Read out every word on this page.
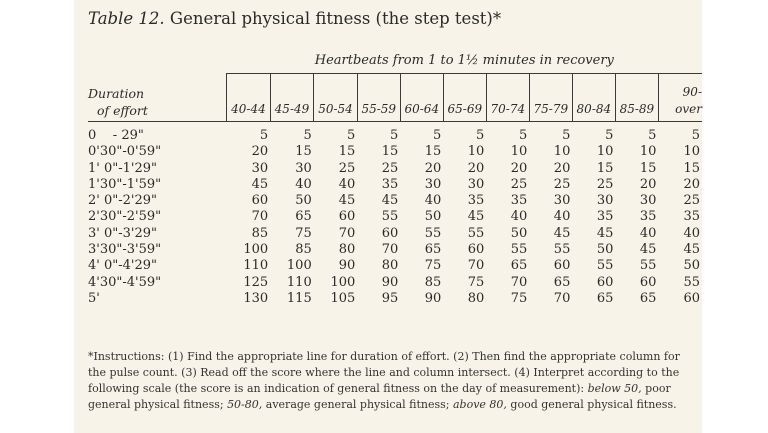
Table 12. General physical fitness (the step test)*
Duration
of effort	Heartbeats from 1 to 1½ minutes in recovery										
	40-44	45-49	50-54	55-59	60-64	65-69	70-74	75-79	80-84	85-89	90-
over
0    - 29"	5	5	5	5	5	5	5	5	5	5	5
0'30"-0'59"	20	15	15	15	15	10	10	10	10	10	10
1' 0"-1'29"	30	30	25	25	20	20	20	20	15	15	15
1'30"-1'59"	45	40	40	35	30	30	25	25	25	20	20
2' 0"-2'29"	60	50	45	45	40	35	35	30	30	30	25
2'30"-2'59"	70	65	60	55	50	45	40	40	35	35	35
3' 0"-3'29"	85	75	70	60	55	55	50	45	45	40	40
3'30"-3'59"	100	85	80	70	65	60	55	55	50	45	45
4' 0"-4'29"	110	100	90	80	75	70	65	60	55	55	50
4'30"-4'59"	125	110	100	90	85	75	70	65	60	60	55
5'	130	115	105	95	90	80	75	70	65	65	60
*Instructions: (1) Find the appropriate line for duration of effort. (2) Then find the appropriate column for the pulse count. (3) Read off the score where the line and column intersect. (4) Interpret according to the following scale (the score is an indication of general fitness on the day of measurement): below 50, poor general physical fitness; 50-80, average general physical fitness; above 80, good general physical fitness.
